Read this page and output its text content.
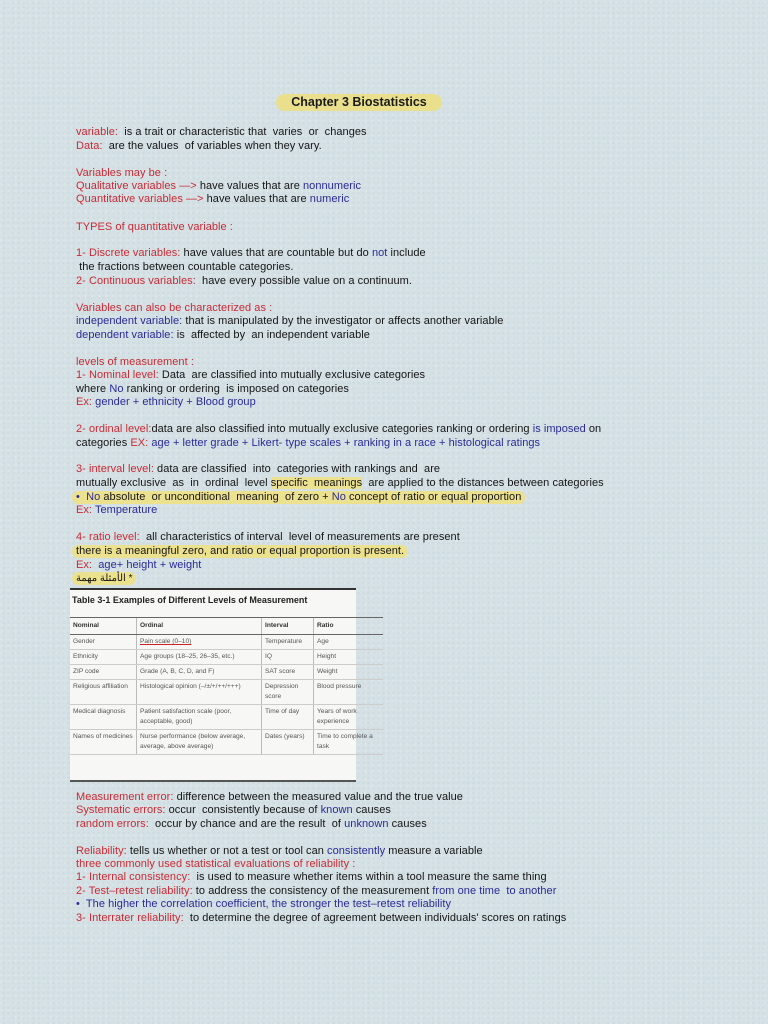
Chapter 3 Biostatistics
variable:  is a trait or characteristic that  varies  or  changes
Data:  are the values  of variables when they vary.
Variables may be :
Qualitative variables —> have values that are nonnumeric
Quantitative variables —> have values that are numeric
TYPES of quantitative variable :
1- Discrete variables: have values that are countable but do not include
the fractions between countable categories.
2- Continuous variables:  have every possible value on a continuum.
Variables can also be characterized as :
independent variable: that is manipulated by the investigator or affects another variable
dependent variable: is  affected by  an independent variable
levels of measurement :
1- Nominal level: Data  are classified into mutually exclusive categories
where No ranking or ordering  is imposed on categories
Ex: gender + ethnicity + Blood group
2- ordinal level:data are also classified into mutually exclusive categories ranking or ordering is imposed on
categories EX: age + letter grade + Likert- type scales + ranking in a race + histological ratings
3- interval level: data are classified  into  categories with rankings and  are
mutually exclusive  as  in  ordinal  level specific  meanings  are applied to the distances between categories
•  No absolute  or unconditional  meaning  of zero + No concept of ratio or equal proportion
Ex: Temperature
4- ratio level:  all characteristics of interval  level of measurements are present
there is a meaningful zero, and ratio or equal proportion is present.
Ex:  age+ height + weight
* الأمثلة مهمة
Measurement error: difference between the measured value and the true value
Systematic errors: occur  consistently because of known causes
random errors:  occur by chance and are the result  of unknown causes
Reliability: tells us whether or not a test or tool can consistently measure a variable
three commonly used statistical evaluations of reliability :
1- Internal consistency:  is used to measure whether items within a tool measure the same thing
2- Test–retest reliability: to address the consistency of the measurement from one time  to another
•  The higher the correlation coefficient, the stronger the test–retest reliability
3- Interrater reliability:  to determine the degree of agreement between individuals' scores on ratings
Table 3-1 Examples of Different Levels of Measurement
Nominal	Ordinal	Interval	Ratio
Gender	Pain scale (0–10)	Temperature	Age
Ethnicity	Age groups (18–25, 26–35, etc.)	IQ	Height
ZIP code	Grade (A, B, C, D, and F)	SAT score	Weight
Religious affiliation	Histological opinion (–/±/+/++/+++)	Depression score	Blood pressure
Medical diagnosis	Patient satisfaction scale (poor, acceptable, good)	Time of day	Years of work experience
Names of medicines	Nurse performance (below average, average, above average)	Dates (years)	Time to complete a task
